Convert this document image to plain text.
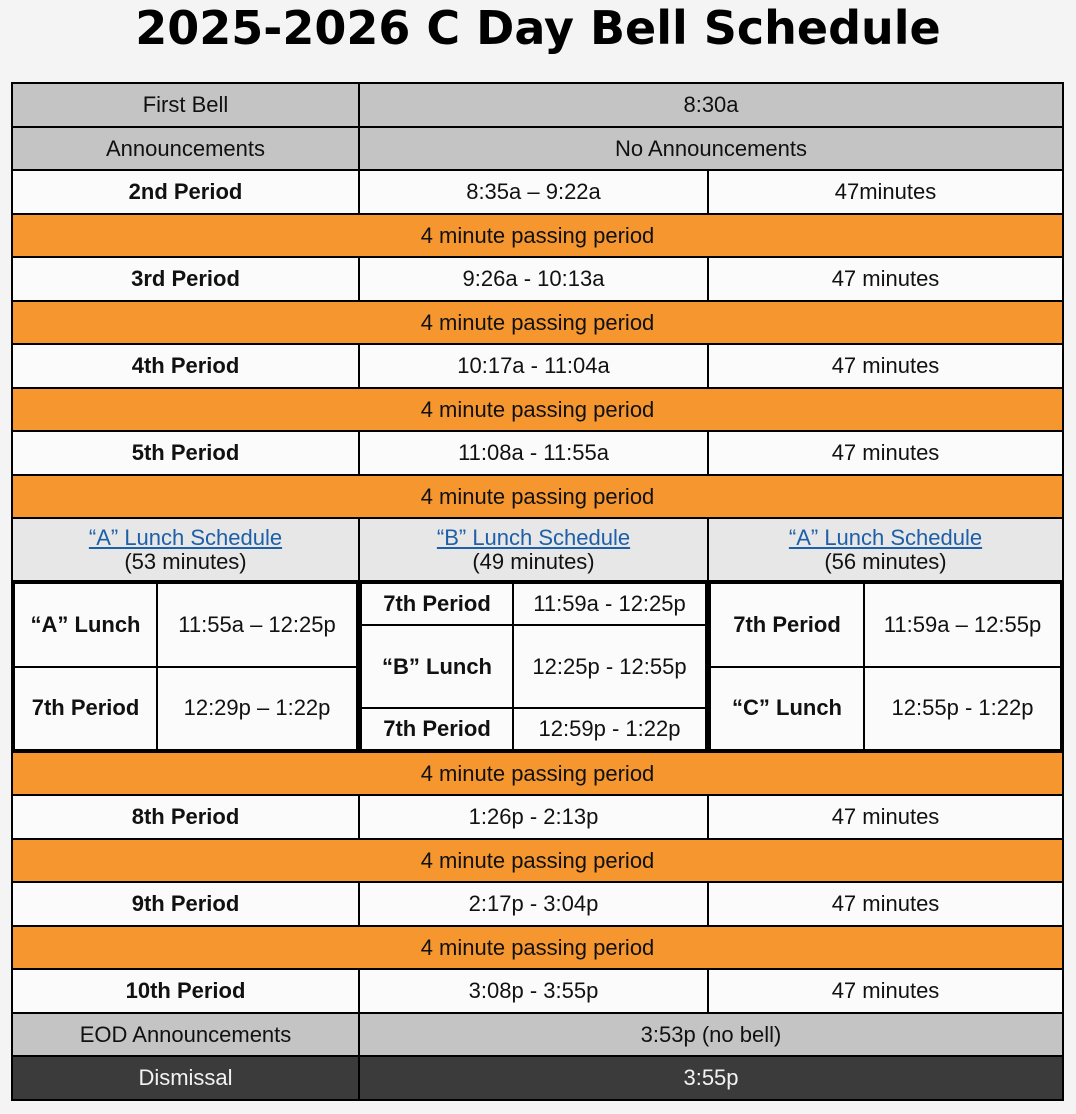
2025-2026 C Day Bell Schedule
First Bell	8:30a
Announcements	No Announcements
2nd Period	8:35a – 9:22a	47minutes
4 minute passing period
3rd Period	9:26a - 10:13a	47 minutes
4 minute passing period
4th Period	10:17a - 11:04a	47 minutes
4 minute passing period
5th Period	11:08a - 11:55a	47 minutes
4 minute passing period

“A” Lunch Schedule
(53 minutes)

“B” Lunch Schedule
(49 minutes)

“A” Lunch Schedule
(56 minutes)

“A” Lunch	11:55a – 12:25p
7th Period	12:29p – 1:22p

7th Period	11:59a - 12:25p
“B” Lunch	12:25p - 12:55p
7th Period	12:59p - 1:22p

7th Period	11:59a – 12:55p
“C” Lunch	12:55p - 1:22p

4 minute passing period
8th Period	1:26p - 2:13p	47 minutes
4 minute passing period
9th Period	2:17p - 3:04p	47 minutes
4 minute passing period
10th Period	3:08p - 3:55p	47 minutes
EOD Announcements	3:53p (no bell)
Dismissal	3:55p
